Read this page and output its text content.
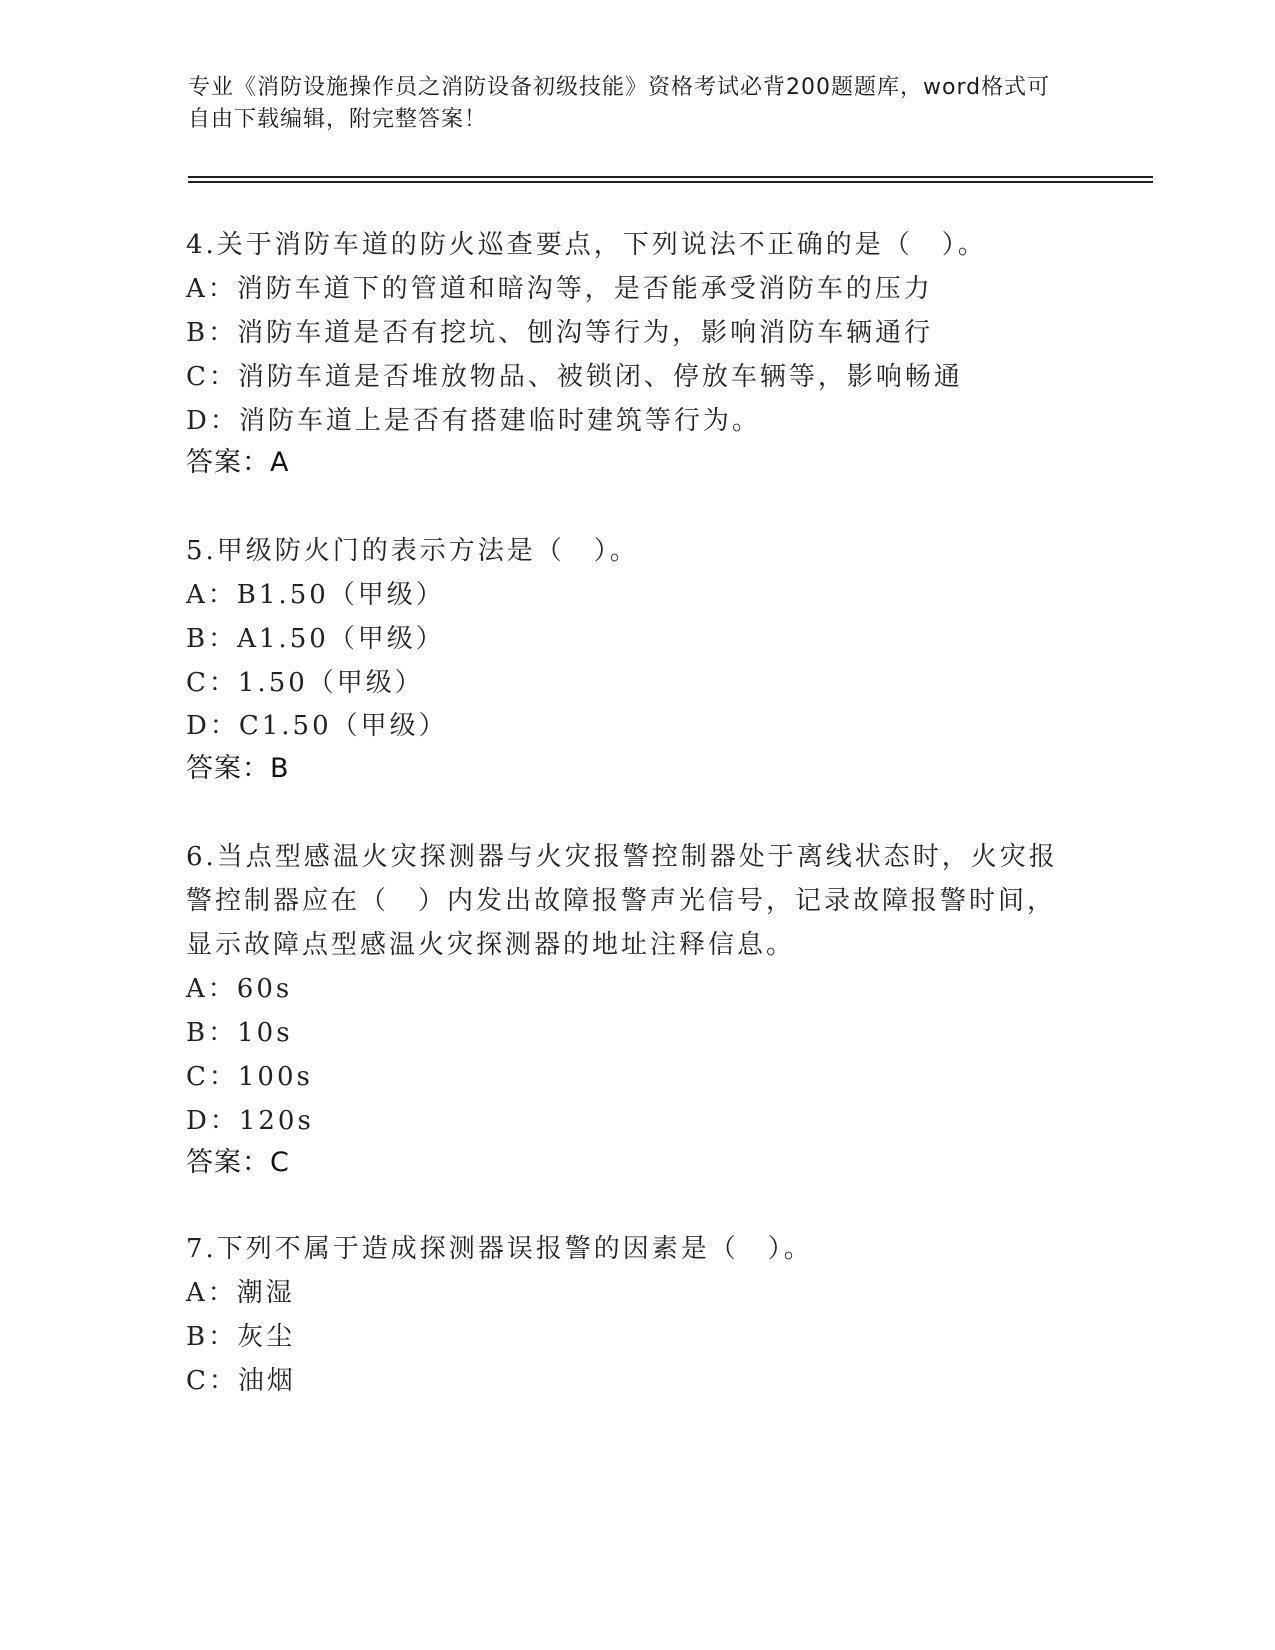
专业《消防设施操作员之消防设备初级技能》资格考试必背200题题库，word格式可自由下载编辑，附完整答案！
4.关于消防车道的防火巡查要点，下列说法不正确的是（　）。
A：消防车道下的管道和暗沟等，是否能承受消防车的压力
B：消防车道是否有挖坑、刨沟等行为，影响消防车辆通行
C：消防车道是否堆放物品、被锁闭、停放车辆等，影响畅通
D：消防车道上是否有搭建临时建筑等行为。
答案：A
5.甲级防火门的表示方法是（　）。
A：B1.50（甲级）
B：A1.50（甲级）
C：1.50（甲级）
D：C1.50（甲级）
答案：B
6.当点型感温火灾探测器与火灾报警控制器处于离线状态时，火灾报
警控制器应在（　）内发出故障报警声光信号，记录故障报警时间，
显示故障点型感温火灾探测器的地址注释信息。
A：60s
B：10s
C：100s
D：120s
答案：C
7.下列不属于造成探测器误报警的因素是（　）。
A：潮湿
B：灰尘
C：油烟
